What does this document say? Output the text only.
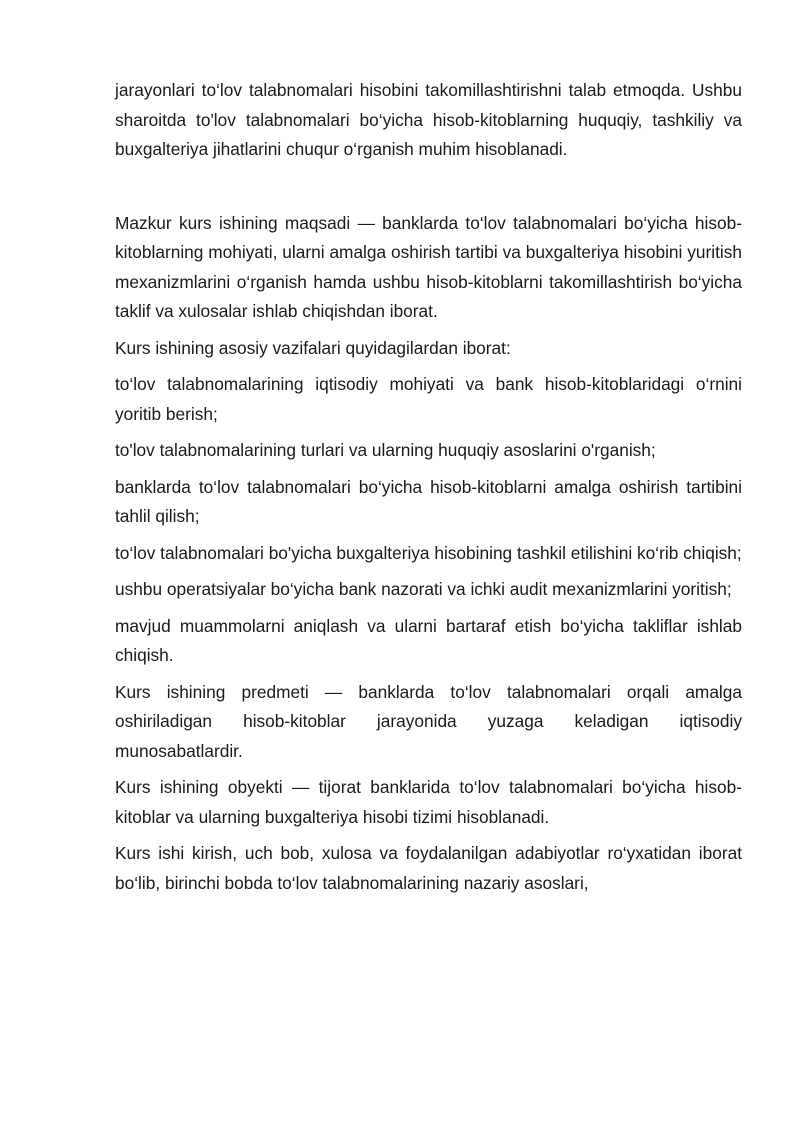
jarayonlari to‘lov talabnomalari hisobini takomillashtirishni talab etmoqda. Ushbu sharoitda to'lov talabnomalari bo‘yicha hisob-kitoblarning huquqiy, tashkiliy va buxgalteriya jihatlarini chuqur o‘rganish muhim hisoblanadi.

Mazkur kurs ishining maqsadi — banklarda to‘lov talabnomalari bo‘yicha hisob-kitoblarning mohiyati, ularni amalga oshirish tartibi va buxgalteriya hisobini yuritish mexanizmlarini o‘rganish hamda ushbu hisob-kitoblarni takomillashtirish bo‘yicha taklif va xulosalar ishlab chiqishdan iborat.

Kurs ishining asosiy vazifalari quyidagilardan iborat:

to‘lov talabnomalarining iqtisodiy mohiyati va bank hisob-kitoblaridagi o‘rnini yoritib berish;

to'lov talabnomalarining turlari va ularning huquqiy asoslarini o'rganish;

banklarda to‘lov talabnomalari bo‘yicha hisob-kitoblarni amalga oshirish tartibini tahlil qilish;

to‘lov talabnomalari bo'yicha buxgalteriya hisobining tashkil etilishini ko‘rib chiqish;

ushbu operatsiyalar bo‘yicha bank nazorati va ichki audit mexanizmlarini yoritish;

mavjud muammolarni aniqlash va ularni bartaraf etish bo‘yicha takliflar ishlab chiqish.

Kurs ishining predmeti — banklarda to‘lov talabnomalari orqali amalga oshiriladigan hisob-kitoblar jarayonida yuzaga keladigan iqtisodiy munosabatlardir.

Kurs ishining obyekti — tijorat banklarida to‘lov talabnomalari bo‘yicha hisob-kitoblar va ularning buxgalteriya hisobi tizimi hisoblanadi.

Kurs ishi kirish, uch bob, xulosa va foydalanilgan adabiyotlar ro‘yxatidan iborat bo‘lib, birinchi bobda to‘lov talabnomalarining nazariy asoslari,
